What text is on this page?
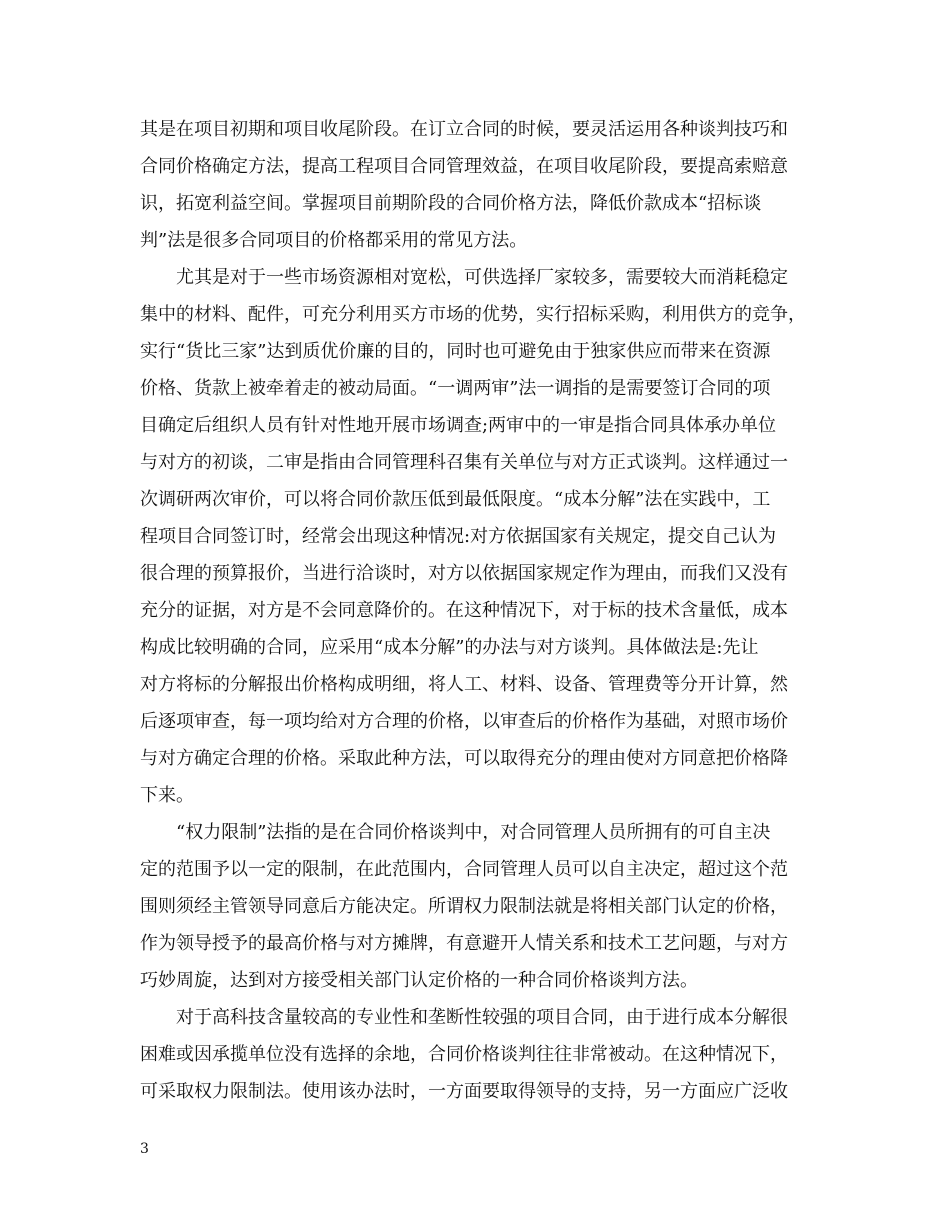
其是在项目初期和项目收尾阶段。在订立合同的时候，要灵活运用各种谈判技巧和
合同价格确定方法，提高工程项目合同管理效益，在项目收尾阶段，要提高索赔意
识，拓宽利益空间。掌握项目前期阶段的合同价格方法，降低价款成本“招标谈
判”法是很多合同项目的价格都采用的常见方法。
　　尤其是对于一些市场资源相对宽松，可供选择厂家较多，需要较大而消耗稳定
集中的材料、配件，可充分利用买方市场的优势，实行招标采购，利用供方的竞争，
实行“货比三家”达到质优价廉的目的，同时也可避免由于独家供应而带来在资源
价格、货款上被牵着走的被动局面。“一调两审”法一调指的是需要签订合同的项
目确定后组织人员有针对性地开展市场调查;两审中的一审是指合同具体承办单位
与对方的初谈，二审是指由合同管理科召集有关单位与对方正式谈判。这样通过一
次调研两次审价，可以将合同价款压低到最低限度。“成本分解”法在实践中，工
程项目合同签订时，经常会出现这种情况:对方依据国家有关规定，提交自己认为
很合理的预算报价，当进行洽谈时，对方以依据国家规定作为理由，而我们又没有
充分的证据，对方是不会同意降价的。在这种情况下，对于标的技术含量低，成本
构成比较明确的合同，应采用“成本分解”的办法与对方谈判。具体做法是:先让
对方将标的分解报出价格构成明细，将人工、材料、设备、管理费等分开计算，然
后逐项审查，每一项均给对方合理的价格，以审查后的价格作为基础，对照市场价
与对方确定合理的价格。采取此种方法，可以取得充分的理由使对方同意把价格降
下来。
　　“权力限制”法指的是在合同价格谈判中，对合同管理人员所拥有的可自主决
定的范围予以一定的限制，在此范围内，合同管理人员可以自主决定，超过这个范
围则须经主管领导同意后方能决定。所谓权力限制法就是将相关部门认定的价格，
作为领导授予的最高价格与对方摊牌，有意避开人情关系和技术工艺问题，与对方
巧妙周旋，达到对方接受相关部门认定价格的一种合同价格谈判方法。
　　对于高科技含量较高的专业性和垄断性较强的项目合同，由于进行成本分解很
困难或因承揽单位没有选择的余地，合同价格谈判往往非常被动。在这种情况下，
可采取权力限制法。使用该办法时，一方面要取得领导的支持，另一方面应广泛收
3
